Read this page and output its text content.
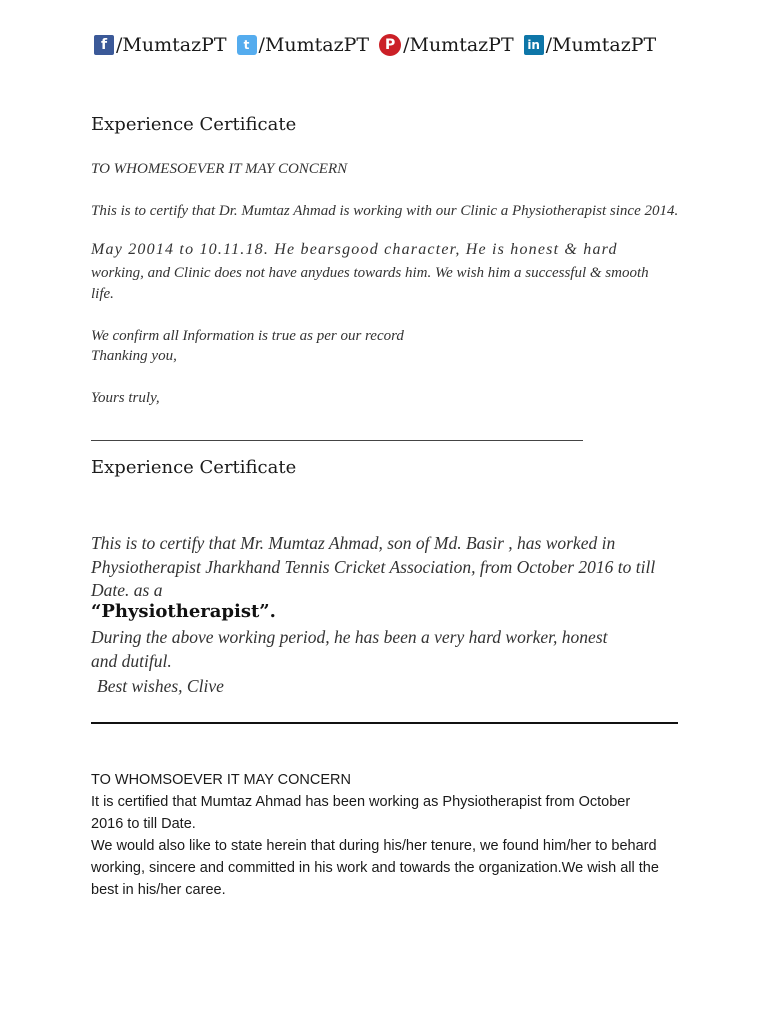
f /MumtazPT	t /MumtazPT	P /MumtazPT	in /MumtazPT
Experience Certificate

TO WHOMESOEVER IT MAY CONCERN

This is to certify that Dr. Mumtaz Ahmad is working with our Clinic a Physiotherapist since 2014.

May 20014 to 10.11.18. He bearsgood character, He is honest & hard

working, and Clinic does not have anydues towards him. We wish him a successful & smooth life.

We confirm all Information is true as per our record

Thanking you,

Yours truly,

Experience Certificate

This is to certify that Mr. Mumtaz Ahmad, son of Md. Basir , has worked in Physiotherapist Jharkhand Tennis Cricket Association, from October 2016 to till Date. as a

“Physiotherapist”.

During the above working period, he has been a very hard worker, honest and dutiful.

Best wishes, Clive

TO WHOMSOEVER IT MAY CONCERN

It is certified that Mumtaz Ahmad has been working as Physiotherapist from October 2016 to till Date.

We would also like to state herein that during his/her tenure, we found him/her to behard working, sincere and committed in his work and towards the organization.We wish all the best in his/her caree.
